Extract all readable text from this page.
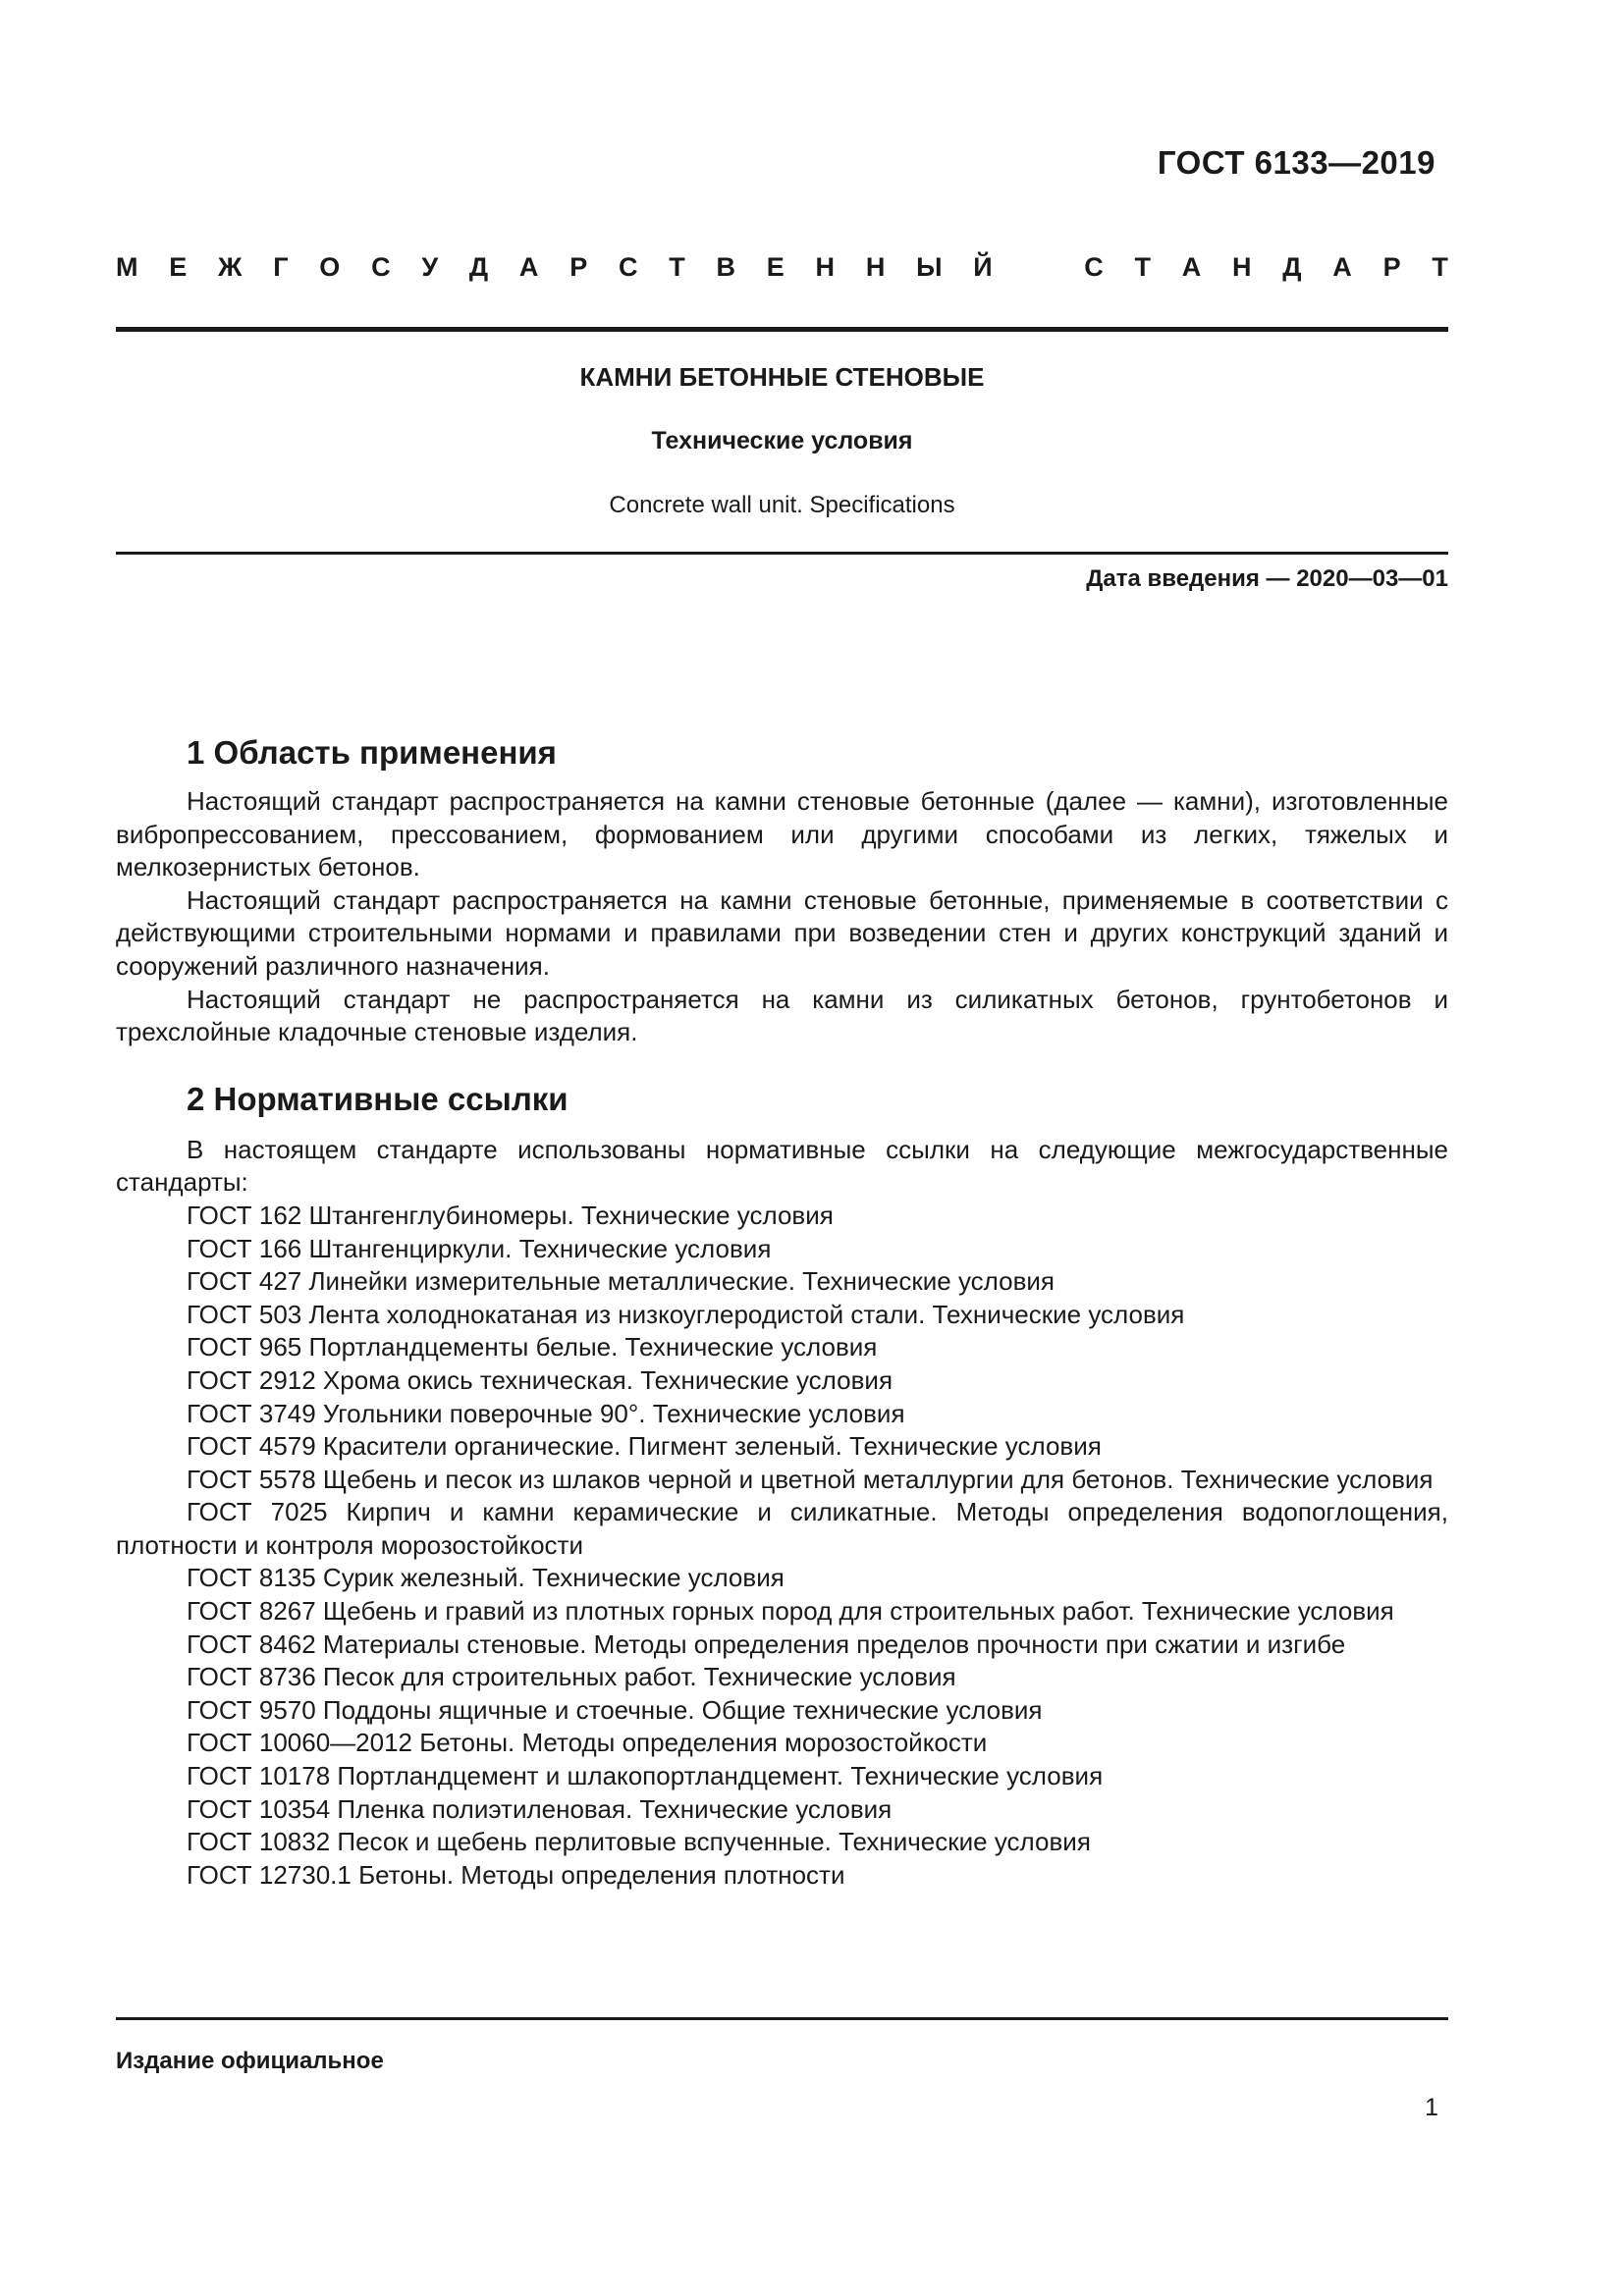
ГОСТ 6133—2019
М Е Ж Г О С У Д А Р С Т В Е Н Н Ы Й	С Т А Н Д А Р Т
КАМНИ БЕТОННЫЕ СТЕНОВЫЕ
Технические условия
Concrete wall unit. Specifications
Дата введения — 2020—03—01
1 Область применения

Настоящий стандарт распространяется на камни стеновые бетонные (далее — камни), изготовленные вибропрессованием, прессованием, формованием или другими способами из легких, тяжелых и мелкозернистых бетонов.

Настоящий стандарт распространяется на камни стеновые бетонные, применяемые в соответствии с действующими строительными нормами и правилами при возведении стен и других конструкций зданий и сооружений различного назначения.

Настоящий стандарт не распространяется на камни из силикатных бетонов, грунтобетонов и трехслойные кладочные стеновые изделия.

2 Нормативные ссылки

В настоящем стандарте использованы нормативные ссылки на следующие межгосударственные стандарты:

ГОСТ 162 Штангенглубиномеры. Технические условия
ГОСТ 166 Штангенциркули. Технические условия
ГОСТ 427 Линейки измерительные металлические. Технические условия
ГОСТ 503 Лента холоднокатаная из низкоуглеродистой стали. Технические условия
ГОСТ 965 Портландцементы белые. Технические условия
ГОСТ 2912 Хрома окись техническая. Технические условия
ГОСТ 3749 Угольники поверочные 90°. Технические условия
ГОСТ 4579 Красители органические. Пигмент зеленый. Технические условия
ГОСТ 5578 Щебень и песок из шлаков черной и цветной металлургии для бетонов. Технические условия
ГОСТ 7025 Кирпич и камни керамические и силикатные. Методы определения водопоглощения, плотности и контроля морозостойкости
ГОСТ 8135 Сурик железный. Технические условия
ГОСТ 8267 Щебень и гравий из плотных горных пород для строительных работ. Технические условия
ГОСТ 8462 Материалы стеновые. Методы определения пределов прочности при сжатии и изгибе
ГОСТ 8736 Песок для строительных работ. Технические условия
ГОСТ 9570 Поддоны ящичные и стоечные. Общие технические условия
ГОСТ 10060—2012 Бетоны. Методы определения морозостойкости
ГОСТ 10178 Портландцемент и шлакопортландцемент. Технические условия
ГОСТ 10354 Пленка полиэтиленовая. Технические условия
ГОСТ 10832 Песок и щебень перлитовые вспученные. Технические условия
ГОСТ 12730.1 Бетоны. Методы определения плотности
Издание официальное
1
